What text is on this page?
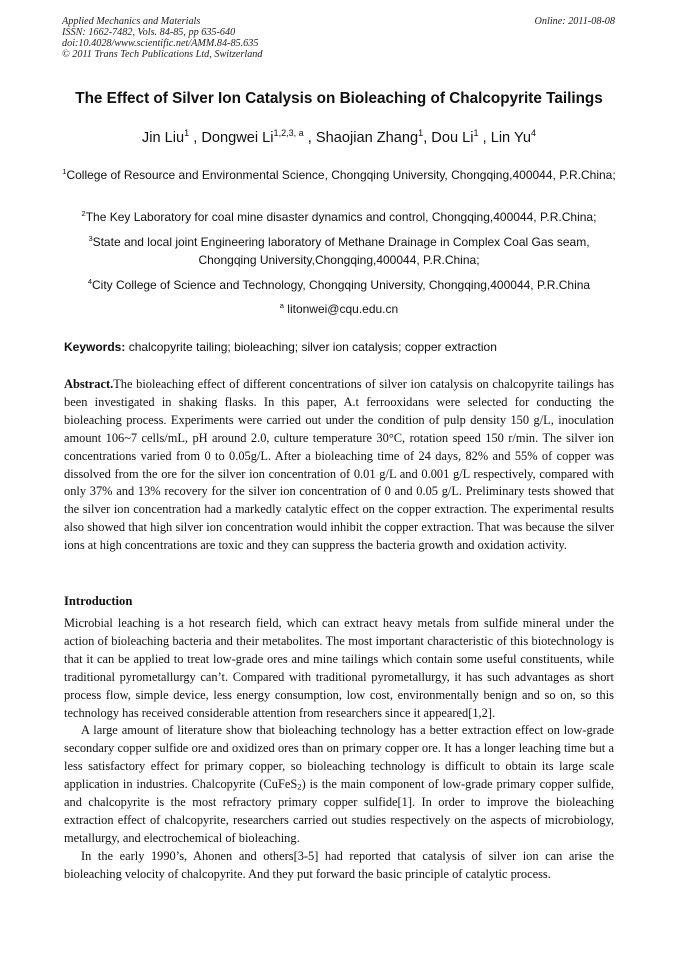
Applied Mechanics and Materials
ISSN: 1662-7482, Vols. 84-85, pp 635-640
doi:10.4028/www.scientific.net/AMM.84-85.635
© 2011 Trans Tech Publications Ltd, Switzerland
Online: 2011-08-08
The Effect of Silver Ion Catalysis on Bioleaching of Chalcopyrite Tailings
Jin Liu$^1$ , Dongwei Li$^{1,2,3, a}$ , Shaojian Zhang$^1$, Dou Li$^1$ , Lin Yu$^4$
$^1$College of Resource and Environmental Science, Chongqing University, Chongqing,400044, P.R.China;
$^2$The Key Laboratory for coal mine disaster dynamics and control, Chongqing,400044, P.R.China;
$^3$State and local joint Engineering laboratory of Methane Drainage in Complex Coal Gas seam, Chongqing University,Chongqing,400044, P.R.China;
$^4$City College of Science and Technology, Chongqing University, Chongqing,400044, P.R.China
$^a$ litonwei@cqu.edu.cn
Keywords: chalcopyrite tailing; bioleaching; silver ion catalysis; copper extraction
Abstract.The bioleaching effect of different concentrations of silver ion catalysis on chalcopyrite tailings has been investigated in shaking flasks. In this paper, A.t ferrooxidans were selected for conducting the bioleaching process. Experiments were carried out under the condition of pulp density 150 g/L, inoculation amount 106~7 cells/mL, pH around 2.0, culture temperature 30°C, rotation speed 150 r/min. The silver ion concentrations varied from 0 to 0.05g/L. After a bioleaching time of 24 days, 82% and 55% of copper was dissolved from the ore for the silver ion concentration of 0.01 g/L and 0.001 g/L respectively, compared with only 37% and 13% recovery for the silver ion concentration of 0 and 0.05 g/L. Preliminary tests showed that the silver ion concentration had a markedly catalytic effect on the copper extraction. The experimental results also showed that high silver ion concentration would inhibit the copper extraction. That was because the silver ions at high concentrations are toxic and they can suppress the bacteria growth and oxidation activity.
Introduction
Microbial leaching is a hot research field, which can extract heavy metals from sulfide mineral under the action of bioleaching bacteria and their metabolites. The most important characteristic of this biotechnology is that it can be applied to treat low-grade ores and mine tailings which contain some useful constituents, while traditional pyrometallurgy can’t. Compared with traditional pyrometallurgy, it has such advantages as short process flow, simple device, less energy consumption, low cost, environmentally benign and so on, so this technology has received considerable attention from researchers since it appeared[1,2].
A large amount of literature show that bioleaching technology has a better extraction effect on low-grade secondary copper sulfide ore and oxidized ores than on primary copper ore. It has a longer leaching time but a less satisfactory effect for primary copper, so bioleaching technology is difficult to obtain its large scale application in industries. Chalcopyrite (CuFeS$_2$) is the main component of low-grade primary copper sulfide, and chalcopyrite is the most refractory primary copper sulfide[1]. In order to improve the bioleaching extraction effect of chalcopyrite, researchers carried out studies respectively on the aspects of microbiology, metallurgy, and electrochemical of bioleaching.
In the early 1990’s, Ahonen and others[3-5] had reported that catalysis of silver ion can arise the bioleaching velocity of chalcopyrite. And they put forward the basic principle of catalytic process.
